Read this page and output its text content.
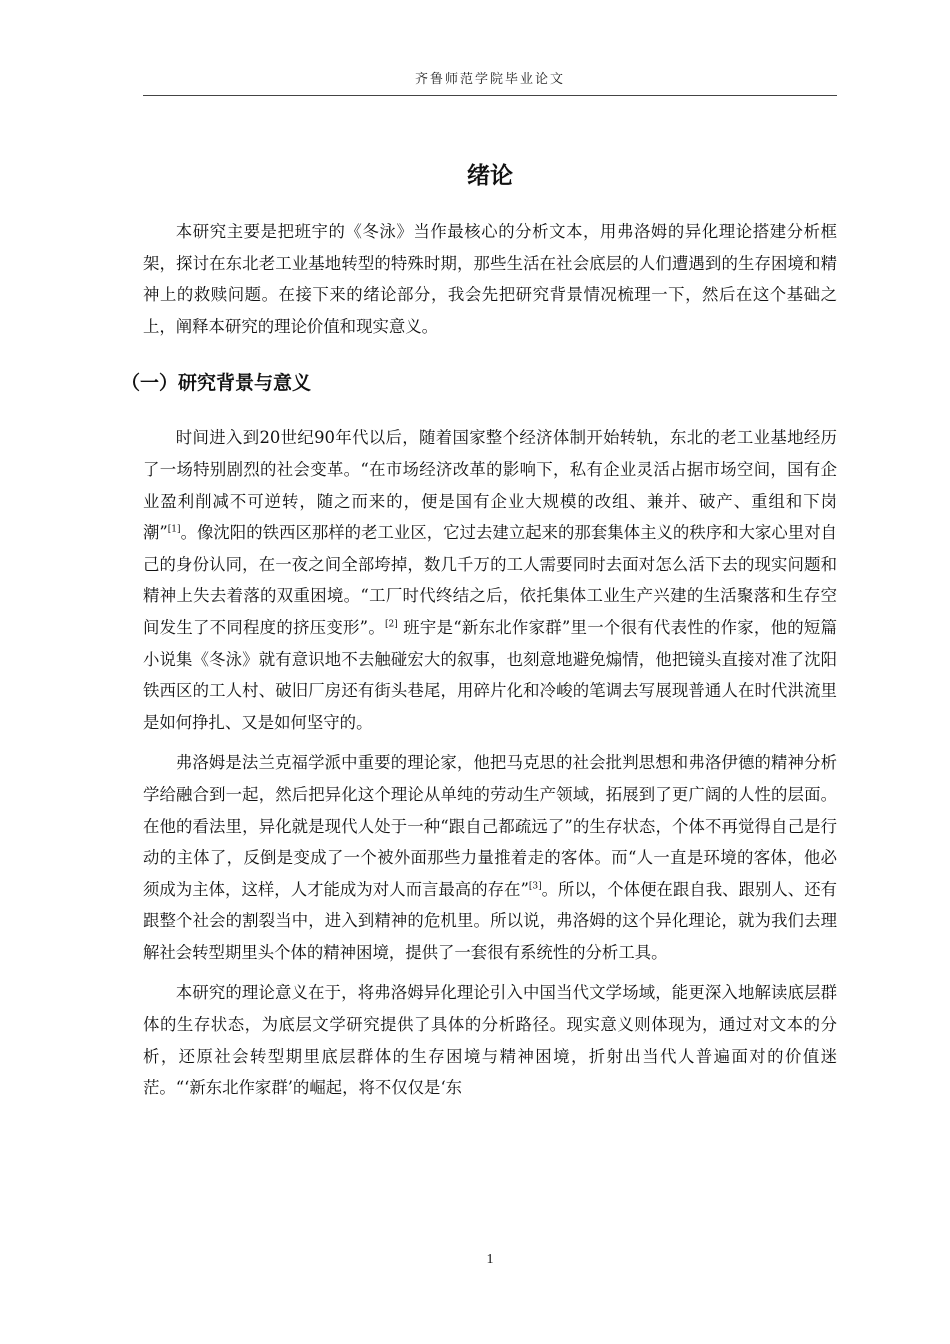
齐鲁师范学院毕业论文
绪论

本研究主要是把班宇的《冬泳》当作最核心的分析文本，用弗洛姆的异化理论搭建分析框架，探讨在东北老工业基地转型的特殊时期，那些生活在社会底层的人们遭遇到的生存困境和精神上的救赎问题。在接下来的绪论部分，我会先把研究背景情况梳理一下，然后在这个基础之上，阐释本研究的理论价值和现实意义。

（一）研究背景与意义

时间进入到20世纪90年代以后，随着国家整个经济体制开始转轨，东北的老工业基地经历了一场特别剧烈的社会变革。“在市场经济改革的影响下，私有企业灵活占据市场空间，国有企业盈利削减不可逆转，随之而来的，便是国有企业大规模的改组、兼并、破产、重组和下岗潮”[1]。像沈阳的铁西区那样的老工业区，它过去建立起来的那套集体主义的秩序和大家心里对自己的身份认同，在一夜之间全部垮掉，数几千万的工人需要同时去面对怎么活下去的现实问题和精神上失去着落的双重困境。“工厂时代终结之后，依托集体工业生产兴建的生活聚落和生存空间发生了不同程度的挤压变形”。[2] 班宇是“新东北作家群”里一个很有代表性的作家，他的短篇小说集《冬泳》就有意识地不去触碰宏大的叙事，也刻意地避免煽情，他把镜头直接对准了沈阳铁西区的工人村、破旧厂房还有街头巷尾，用碎片化和冷峻的笔调去写展现普通人在时代洪流里是如何挣扎、又是如何坚守的。

弗洛姆是法兰克福学派中重要的理论家，他把马克思的社会批判思想和弗洛伊德的精神分析学给融合到一起，然后把异化这个理论从单纯的劳动生产领域，拓展到了更广阔的人性的层面。在他的看法里，异化就是现代人处于一种“跟自己都疏远了”的生存状态，个体不再觉得自己是行动的主体了，反倒是变成了一个被外面那些力量推着走的客体。而“人一直是环境的客体，他必须成为主体，这样，人才能成为对人而言最高的存在”[3]。所以，个体便在跟自我、跟别人、还有跟整个社会的割裂当中，进入到精神的危机里。所以说，弗洛姆的这个异化理论，就为我们去理解社会转型期里头个体的精神困境，提供了一套很有系统性的分析工具。

本研究的理论意义在于，将弗洛姆异化理论引入中国当代文学场域，能更深入地解读底层群体的生存状态，为底层文学研究提供了具体的分析路径。现实意义则体现为，通过对文本的分析，还原社会转型期里底层群体的生存困境与精神困境，折射出当代人普遍面对的价值迷茫。“‘新东北作家群’的崛起，将不仅仅是‘东

1
